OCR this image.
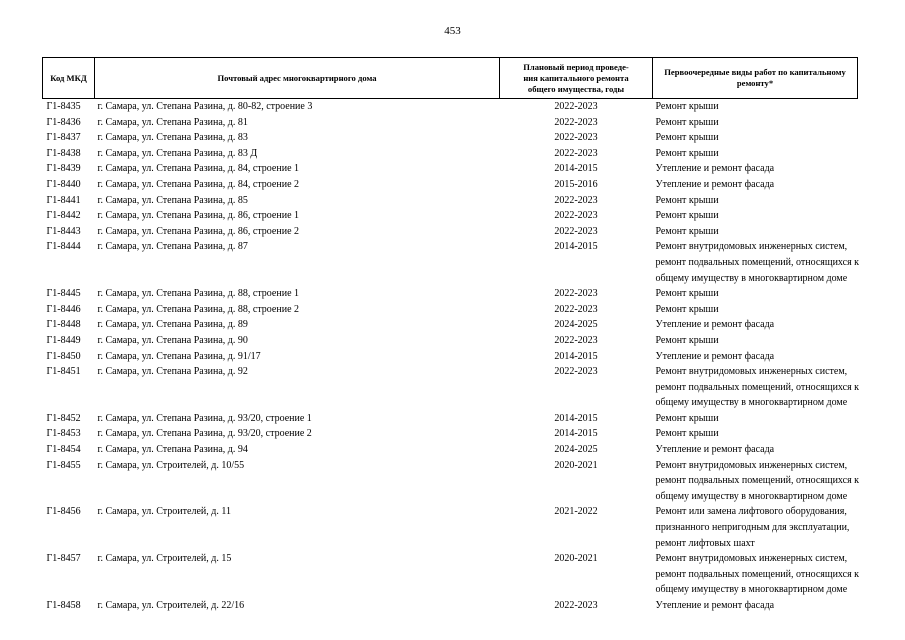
453
Код МКД	Почтовый адрес многоквартирного дома	Плановый период проведе-
ния капитального ремонта
общего имущества, годы	Первоочередные виды работ по капитальному
ремонту*
Г1-8435	г. Самара, ул. Степана Разина, д. 80-82, строение 3	2022-2023	Ремонт крыши

Г1-8436	г. Самара, ул. Степана Разина, д. 81	2022-2023	Ремонт крыши

Г1-8437	г. Самара, ул. Степана Разина, д. 83	2022-2023	Ремонт крыши

Г1-8438	г. Самара, ул. Степана Разина, д. 83 Д	2022-2023	Ремонт крыши

Г1-8439	г. Самара, ул. Степана Разина, д. 84, строение 1	2014-2015	Утепление и ремонт фасада

Г1-8440	г. Самара, ул. Степана Разина, д. 84, строение 2	2015-2016	Утепление и ремонт фасада

Г1-8441	г. Самара, ул. Степана Разина, д. 85	2022-2023	Ремонт крыши

Г1-8442	г. Самара, ул. Степана Разина, д. 86, строение 1	2022-2023	Ремонт крыши

Г1-8443	г. Самара, ул. Степана Разина, д. 86, строение 2	2022-2023	Ремонт крыши

Г1-8444	г. Самара, ул. Степана Разина, д. 87	2014-2015	Ремонт внутридомовых инженерных систем,
ремонт подвальных помещений, относящихся к
общему имуществу в многоквартирном доме

Г1-8445	г. Самара, ул. Степана Разина, д. 88, строение 1	2022-2023	Ремонт крыши

Г1-8446	г. Самара, ул. Степана Разина, д. 88, строение 2	2022-2023	Ремонт крыши

Г1-8448	г. Самара, ул. Степана Разина, д. 89	2024-2025	Утепление и ремонт фасада

Г1-8449	г. Самара, ул. Степана Разина, д. 90	2022-2023	Ремонт крыши

Г1-8450	г. Самара, ул. Степана Разина, д. 91/17	2014-2015	Утепление и ремонт фасада

Г1-8451	г. Самара, ул. Степана Разина, д. 92	2022-2023	Ремонт внутридомовых инженерных систем,
ремонт подвальных помещений, относящихся к
общему имуществу в многоквартирном доме

Г1-8452	г. Самара, ул. Степана Разина, д. 93/20, строение 1	2014-2015	Ремонт крыши

Г1-8453	г. Самара, ул. Степана Разина, д. 93/20, строение 2	2014-2015	Ремонт крыши

Г1-8454	г. Самара, ул. Степана Разина, д. 94	2024-2025	Утепление и ремонт фасада

Г1-8455	г. Самара, ул. Строителей, д. 10/55	2020-2021	Ремонт внутридомовых инженерных систем,
ремонт подвальных помещений, относящихся к
общему имуществу в многоквартирном доме

Г1-8456	г. Самара, ул. Строителей, д. 11	2021-2022	Ремонт или замена лифтового оборудования,
признанного непригодным для эксплуатации,
ремонт лифтовых шахт

Г1-8457	г. Самара, ул. Строителей, д. 15	2020-2021	Ремонт внутридомовых инженерных систем,
ремонт подвальных помещений, относящихся к
общему имуществу в многоквартирном доме

Г1-8458	г. Самара, ул. Строителей, д. 22/16	2022-2023	Утепление и ремонт фасада
